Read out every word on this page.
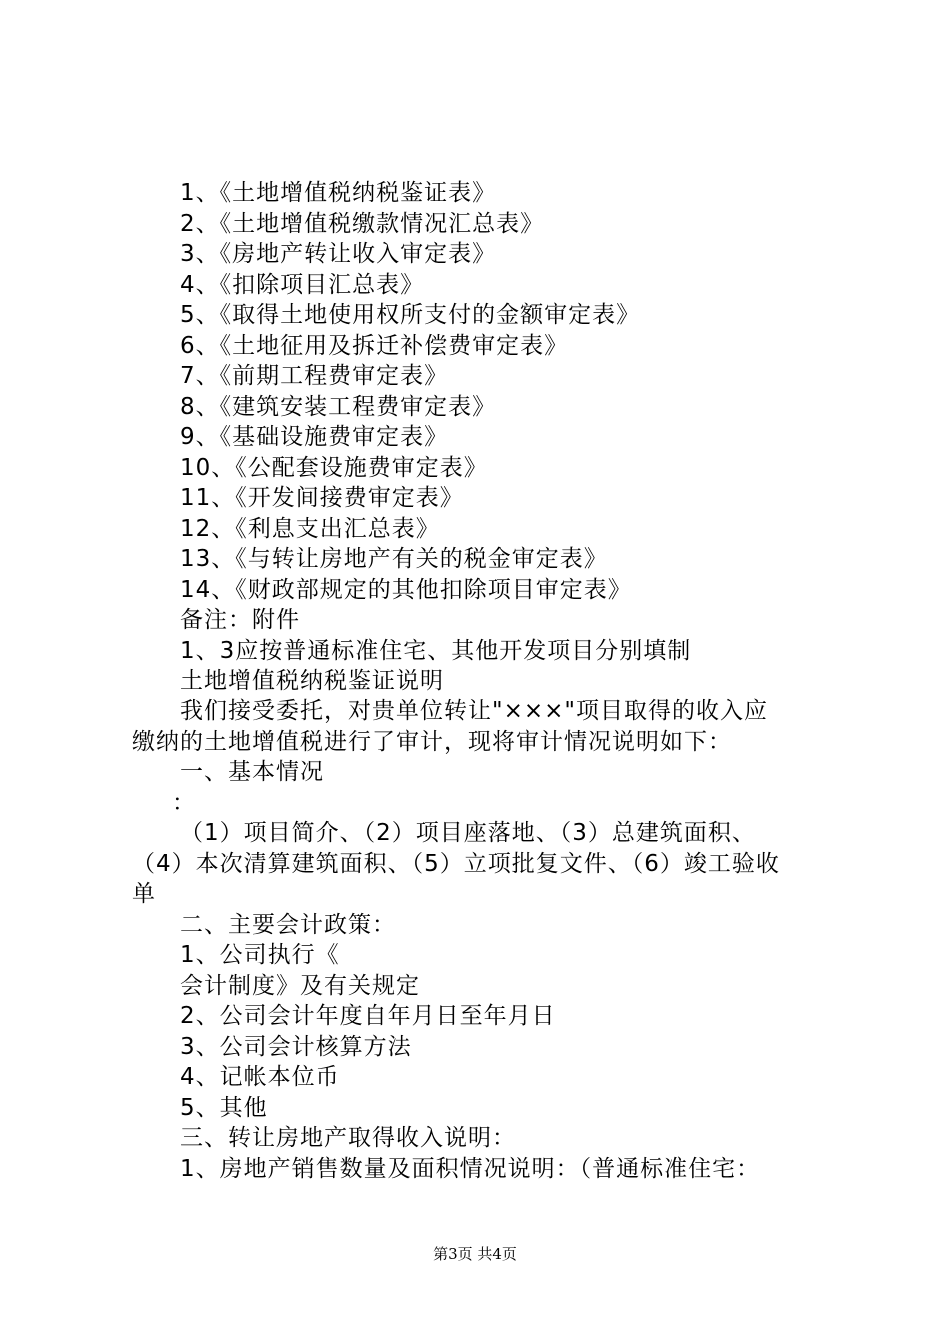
1、《土地增值税纳税鉴证表》
2、《土地增值税缴款情况汇总表》
3、《房地产转让收入审定表》
4、《扣除项目汇总表》
5、《取得土地使用权所支付的金额审定表》
6、《土地征用及拆迁补偿费审定表》
7、《前期工程费审定表》
8、《建筑安装工程费审定表》
9、《基础设施费审定表》
10、《公配套设施费审定表》
11、《开发间接费审定表》
12、《利息支出汇总表》
13、《与转让房地产有关的税金审定表》
14、《财政部规定的其他扣除项目审定表》
备注：附件
1、3应按普通标准住宅、其他开发项目分别填制
土地增值税纳税鉴证说明
我们接受委托，对贵单位转让"×××"项目取得的收入应
缴纳的土地增值税进行了审计，现将审计情况说明如下：
一、基本情况
：
（1）项目简介、（2）项目座落地、（3）总建筑面积、
（4）本次清算建筑面积、（5）立项批复文件、（6）竣工验收
单
二、主要会计政策：
1、公司执行《
会计制度》及有关规定
2、公司会计年度自年月日至年月日
3、公司会计核算方法
4、记帐本位币
5、其他
三、转让房地产取得收入说明：
1、房地产销售数量及面积情况说明：（普通标准住宅：
第3页 共4页
